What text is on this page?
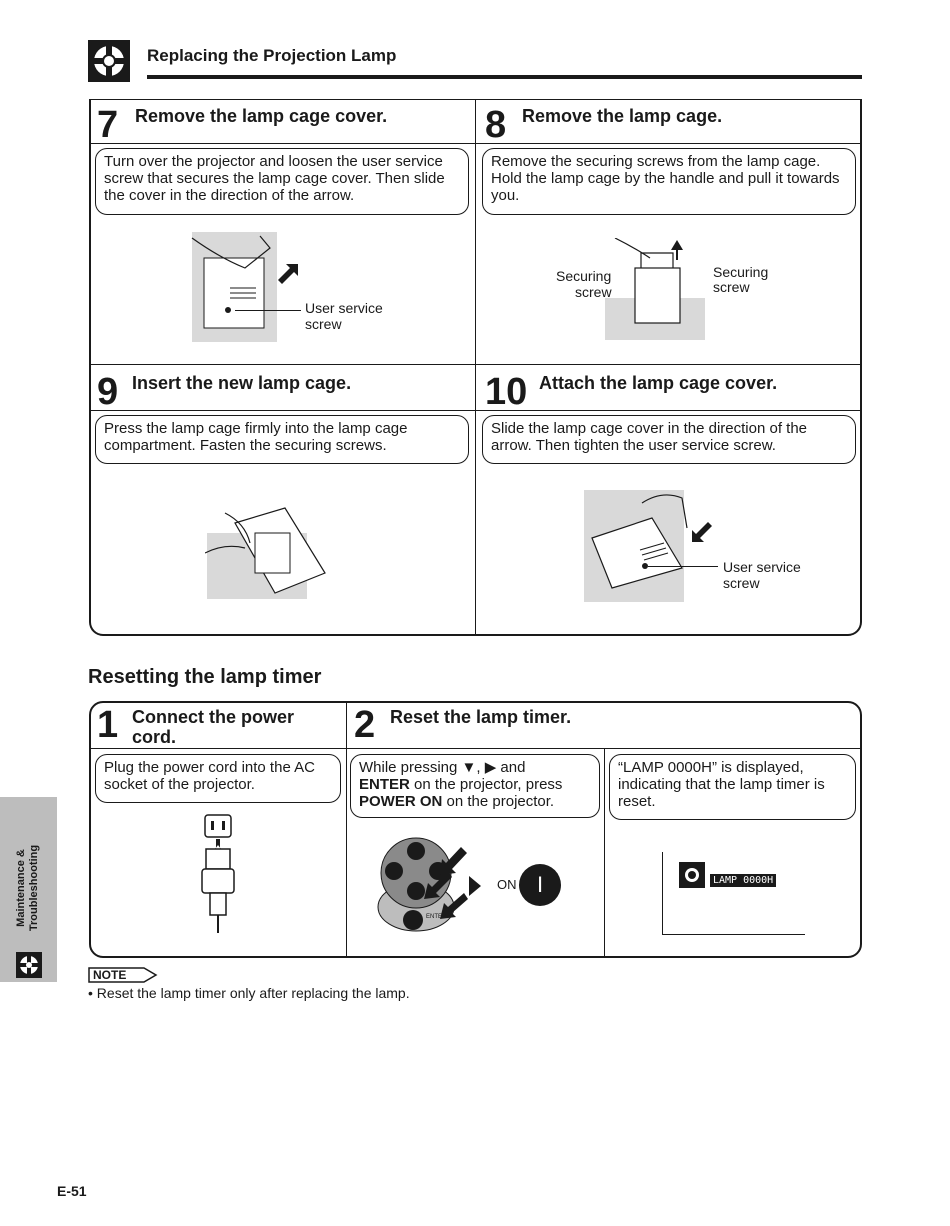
Replacing the Projection Lamp
7 Remove the lamp cage cover.
Turn over the projector and loosen the user service screw that secures the lamp cage cover. Then slide the cover in the direction of the arrow.
User service
screw
8 Remove the lamp cage.
Remove the securing screws from the lamp cage. Hold the lamp cage by the handle and pull it towards you.
Securing
screw
Securing
screw
9 Insert the new lamp cage.
Press the lamp cage firmly into the lamp cage compartment. Fasten the securing screws.
10 Attach the lamp cage cover.
Slide the lamp cage cover in the direction of the arrow. Then tighten the user service screw.
User service
screw
Resetting the lamp timer
1 Connect the power
cord.
Plug the power cord into the AC socket of the projector.
2 Reset the lamp timer.
While pressing ▼, ▶ and
ENTER on the projector, press
POWER ON on the projector.
ENTER
ON I
“LAMP 0000H” is displayed, indicating that the lamp timer is reset.
LAMP 0000H
NOTE
• Reset the lamp timer only after replacing the lamp.
Maintenance & Troubleshooting
E-51
